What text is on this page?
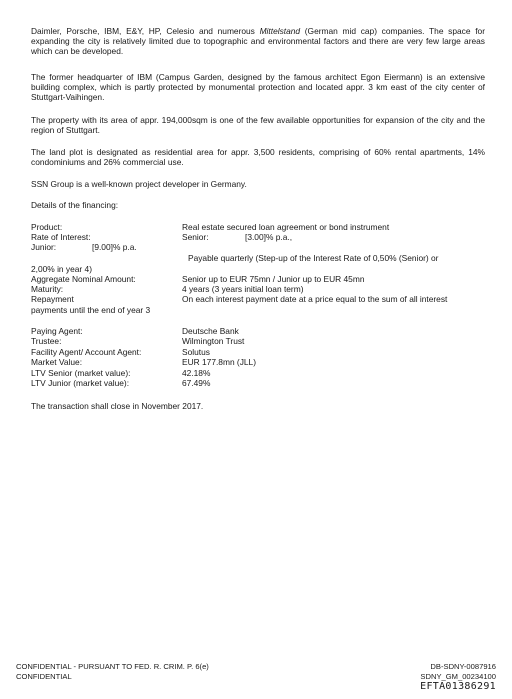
Daimler, Porsche, IBM, E&Y, HP, Celesio and numerous Mittelstand (German mid cap) companies. The space for expanding the city is relatively limited due to topographic and environmental factors and there are very few large areas which can be developed.

The former headquarter of IBM (Campus Garden, designed by the famous architect Egon Eiermann) is an extensive building complex, which is partly protected by monumental protection and located appr. 3 km east of the city center of Stuttgart-Vaihingen.

The property with its area of appr. 194,000sqm is one of the few available opportunities for expansion of the city and the region of Stuttgart.

The land plot is designated as residential area for appr. 3,500 residents, comprising of 60% rental apartments, 14% condominiums and 26% commercial use.

SSN Group is a well-known project developer in Germany.

Details of the financing:

Product:	Real estate secured loan agreement or bond instrument
Rate of Interest:	Senior:	[3.00]% p.a.,
Junior:	[9.00]% p.a.
Payable quarterly (Step-up of the Interest Rate of 0,50% (Senior) or
2,00% in year 4)
Aggregate Nominal Amount:	Senior up to EUR 75mn / Junior up to EUR 45mn
Maturity:	4 years (3 years initial loan term)
Repayment	On each interest payment date at a price equal to the sum of all interest
payments until the end of year 3
Paying Agent:	Deutsche Bank
Trustee:	Wilmington Trust
Facility Agent/ Account Agent:	Solutus
Market Value:	EUR 177.8mn (JLL)
LTV Senior (market value):	42.18%
LTV Junior (market value):	67.49%
The transaction shall close in November 2017.
CONFIDENTIAL - PURSUANT TO FED. R. CRIM. P. 6(e)
CONFIDENTIAL
DB-SDNY-0087916
SDNY_GM_00234100
EFTA01386291
